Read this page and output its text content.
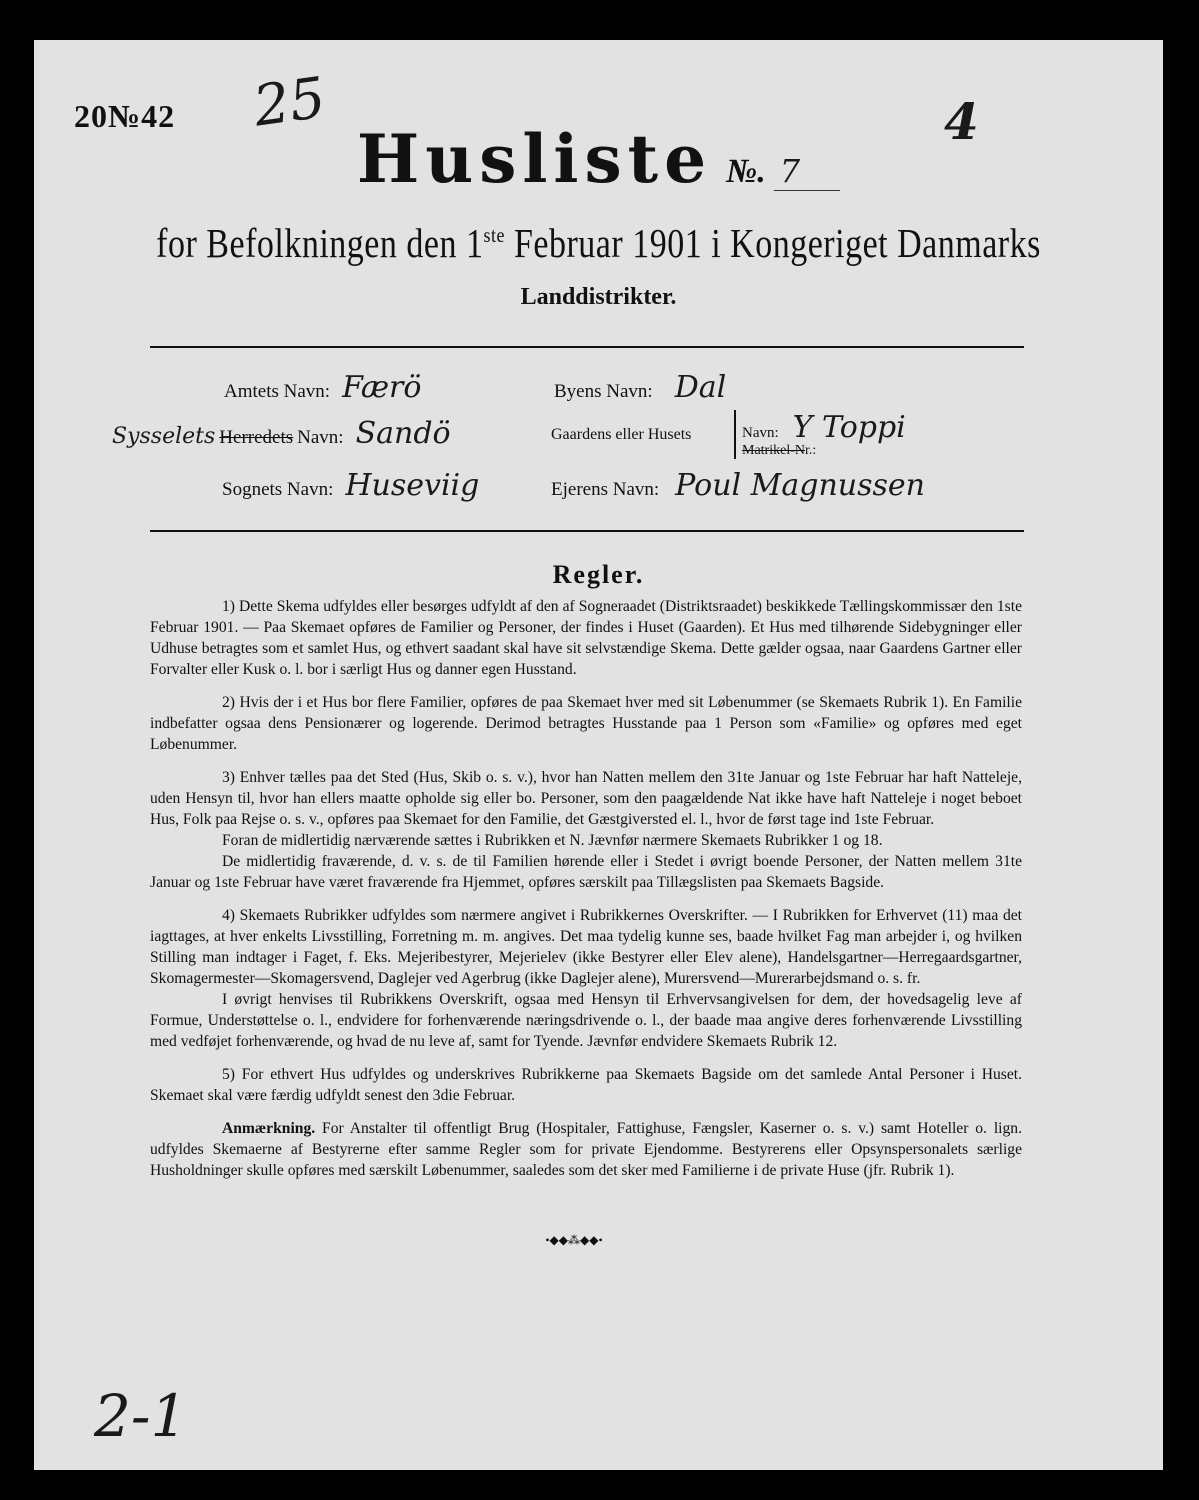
20№42 25	4
Husliste №. 7
for Befolkningen den 1ste Februar 1901 i Kongeriget Danmarks
Landdistrikter.
Amtets Navn: Færö
Sysselets Herredets Navn: Sandö
Sognets Navn: Huseviig
Byens Navn: Dal
Gaardens eller Husets	Navn: Y Toppi
Matrikel-Nr.:
Ejerens Navn: Poul Magnussen
Regler.

1) Dette Skema udfyldes eller besørges udfyldt af den af Sogneraadet (Distriktsraadet) beskikkede Tællingskommissær den 1ste Februar 1901. — Paa Skemaet opføres de Familier og Personer, der findes i Huset (Gaarden). Et Hus med tilhørende Sidebygninger eller Udhuse betragtes som et samlet Hus, og ethvert saadant skal have sit selvstændige Skema. Dette gælder ogsaa, naar Gaardens Gartner eller Forvalter eller Kusk o. l. bor i særligt Hus og danner egen Husstand.

2) Hvis der i et Hus bor flere Familier, opføres de paa Skemaet hver med sit Løbenummer (se Skemaets Rubrik 1). En Familie indbefatter ogsaa dens Pensionærer og logerende. Derimod betragtes Husstande paa 1 Person som «Familie» og opføres med eget Løbenummer.

3) Enhver tælles paa det Sted (Hus, Skib o. s. v.), hvor han Natten mellem den 31te Januar og 1ste Februar har haft Natteleje, uden Hensyn til, hvor han ellers maatte opholde sig eller bo. Personer, som den paagældende Nat ikke have haft Natteleje i noget beboet Hus, Folk paa Rejse o. s. v., opføres paa Skemaet for den Familie, det Gæstgiversted el. l., hvor de først tage ind 1ste Februar.

Foran de midlertidig nærværende sættes i Rubrikken et N. Jævnfør nærmere Skemaets Rubrikker 1 og 18.

De midlertidig fraværende, d. v. s. de til Familien hørende eller i Stedet i øvrigt boende Personer, der Natten mellem 31te Januar og 1ste Februar have været fraværende fra Hjemmet, opføres særskilt paa Tillægslisten paa Skemaets Bagside.

4) Skemaets Rubrikker udfyldes som nærmere angivet i Rubrikkernes Overskrifter. — I Rubrikken for Erhvervet (11) maa det iagttages, at hver enkelts Livsstilling, Forretning m. m. angives. Det maa tydelig kunne ses, baade hvilket Fag man arbejder i, og hvilken Stilling man indtager i Faget, f. Eks. Mejeribestyrer, Mejerielev (ikke Bestyrer eller Elev alene), Handelsgartner—Herregaardsgartner, Skomagermester—Skomagersvend, Daglejer ved Agerbrug (ikke Daglejer alene), Murersvend—Murerarbejdsmand o. s. fr.

I øvrigt henvises til Rubrikkens Overskrift, ogsaa med Hensyn til Erhvervsangivelsen for dem, der hovedsagelig leve af Formue, Understøttelse o. l., endvidere for forhenværende næringsdrivende o. l., der baade maa angive deres forhenværende Livsstilling med vedføjet forhenværende, og hvad de nu leve af, samt for Tyende. Jævnfør endvidere Skemaets Rubrik 12.

5) For ethvert Hus udfyldes og underskrives Rubrikkerne paa Skemaets Bagside om det samlede Antal Personer i Huset. Skemaet skal være færdig udfyldt senest den 3die Februar.

Anmærkning. For Anstalter til offentligt Brug (Hospitaler, Fattighuse, Fængsler, Kaserner o. s. v.) samt Hoteller o. lign. udfyldes Skemaerne af Bestyrerne efter samme Regler som for private Ejendomme. Bestyrerens eller Opsynspersonalets særlige Husholdninger skulle opføres med særskilt Løbenummer, saaledes som det sker med Familierne i de private Huse (jfr. Rubrik 1).

•◆◆⁂◆◆•
2-1
